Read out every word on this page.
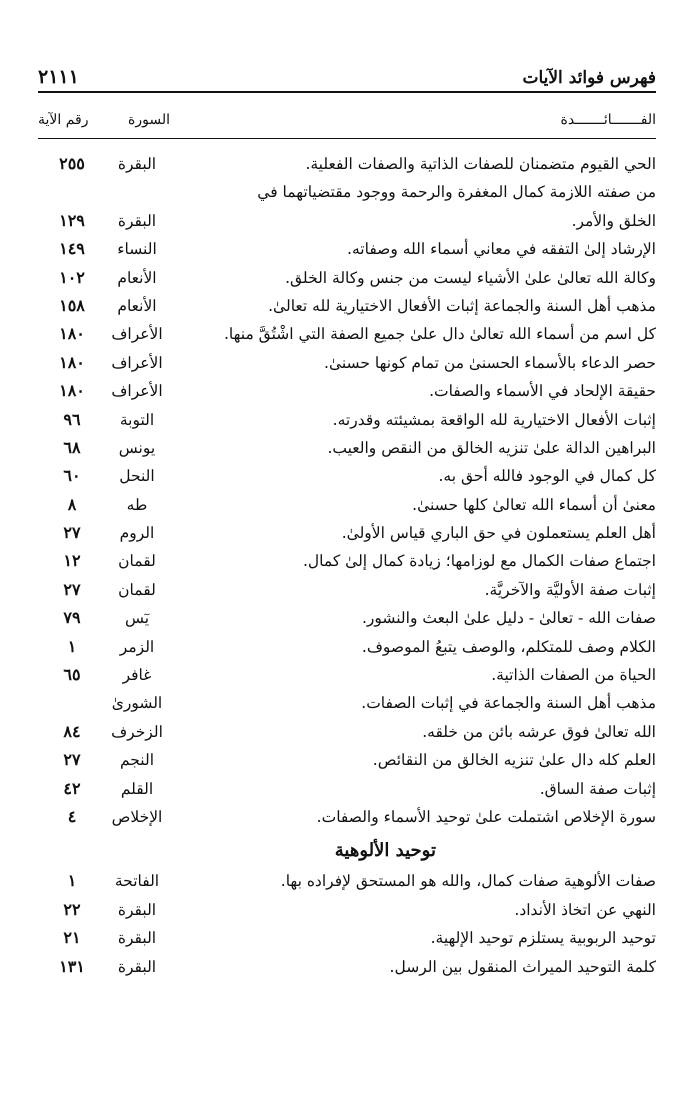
فهرس فوائد الآيات
٢١١١
الفـــــــائـــــــدة
السورة
رقم الآية
الحي القيوم متضمنان للصفات الذاتية والصفات الفعلية.
البقرة
٢٥٥
من صفته اللازمة كمال المغفرة والرحمة ووجود مقتضياتهما في
الخلق والأمر.
البقرة
١٢٩
الإرشاد إلىٰ التفقه في معاني أسماء الله وصفاته.
النساء
١٤٩
وكالة الله تعالىٰ علىٰ الأشياء ليست من جنس وكالة الخلق.
الأنعام
١٠٢
مذهب أهل السنة والجماعة إثبات الأفعال الاختيارية لله تعالىٰ.
الأنعام
١٥٨
كل اسم من أسماء الله تعالىٰ دال علىٰ جميع الصفة التي اشْتُقَّ منها.
الأعراف
١٨٠
حصر الدعاء بالأسماء الحسنىٰ من تمام كونها حسنىٰ.
الأعراف
١٨٠
حقيقة الإلحاد في الأسماء والصفات.
الأعراف
١٨٠
إثبات الأفعال الاختيارية لله الواقعة بمشيئته وقدرته.
التوبة
٩٦
البراهين الدالة علىٰ تنزيه الخالق من النقص والعيب.
يونس
٦٨
كل كمال في الوجود فالله أحق به.
النحل
٦٠
معنىٰ أن أسماء الله تعالىٰ كلها حسنىٰ.
طه
٨
أهل العلم يستعملون في حق الباري قياس الأولىٰ.
الروم
٢٧
اجتماع صفات الكمال مع لوزامها؛ زيادة كمال إلىٰ كمال.
لقمان
١٢
إثبات صفة الأوليَّة والآخريَّة.
لقمان
٢٧
صفات الله - تعالىٰ - دليل علىٰ البعث والنشور.
يٓس
٧٩
الكلام وصف للمتكلم، والوصف يتبعُ الموصوف.
الزمر
١
الحياة من الصفات الذاتية.
غافر
٦٥
مذهب أهل السنة والجماعة في إثبات الصفات.
الشورىٰ
الله تعالىٰ فوق عرشه بائن من خلقه.
الزخرف
٨٤
العلم كله دال علىٰ تنزيه الخالق من النقائص.
النجم
٢٧
إثبات صفة الساق.
القلم
٤٢
سورة الإخلاص اشتملت علىٰ توحيد الأسماء والصفات.
الإخلاص
٤
توحيد الألوهية
صفات الألوهية صفات كمال، والله هو المستحق لإفراده بها.
الفاتحة
١
النهي عن اتخاذ الأنداد.
البقرة
٢٢
توحيد الربوبية يستلزم توحيد الإلهية.
البقرة
٢١
كلمة التوحيد الميراث المنقول بين الرسل.
البقرة
١٣١
